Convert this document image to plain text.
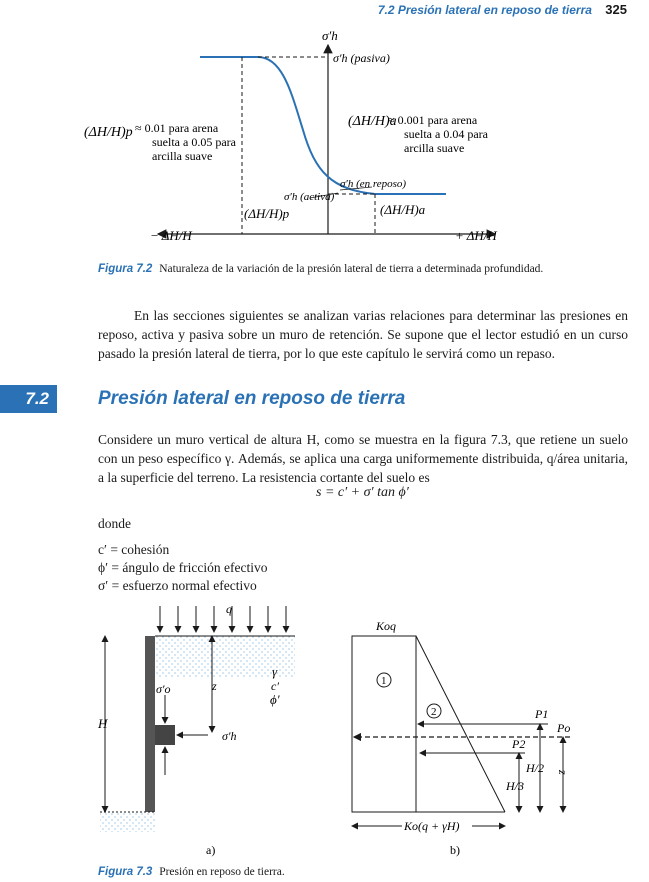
7.2 Presión lateral en reposo de tierra 325
σ′h
σ′h (pasiva)
σ′h (en reposo)
σ′h (activa)
(ΔH/H)p ≈ 0.01 para arena
suelta a 0.05 para
arcilla suave
(ΔH/H)a
≈ 0.001 para arena
suelta a 0.04 para
arcilla suave
(ΔH/H)p	(ΔH/H)a
− ΔH/H	+ ΔH/H
Figura 7.2 Naturaleza de la variación de la presión lateral de tierra a determinada profundidad.
En las secciones siguientes se analizan varias relaciones para determinar las presiones en reposo, activa y pasiva sobre un muro de retención. Se supone que el lector estudió en un curso pasado la presión lateral de tierra, por lo que este capítulo le servirá como un repaso.
7.2	Presión lateral en reposo de tierra
Considere un muro vertical de altura H, como se muestra en la figura 7.3, que retiene un suelo con un peso específico γ. Además, se aplica una carga uniformemente distribuida, q/área unitaria, a la superficie del terreno. La resistencia cortante del suelo es
s = c′ + σ′ tan ϕ′
donde
c′ = cohesión
ϕ′ = ángulo de fricción efectivo
σ′ = esfuerzo normal efectivo
q
H
z
σ′o
σ′h
γ
c′
ϕ′
a)
Koq
1
2	P1
Po
P2
H/2
H/3
z
Ko(q + γH)
b)
Figura 7.3 Presión en reposo de tierra.
